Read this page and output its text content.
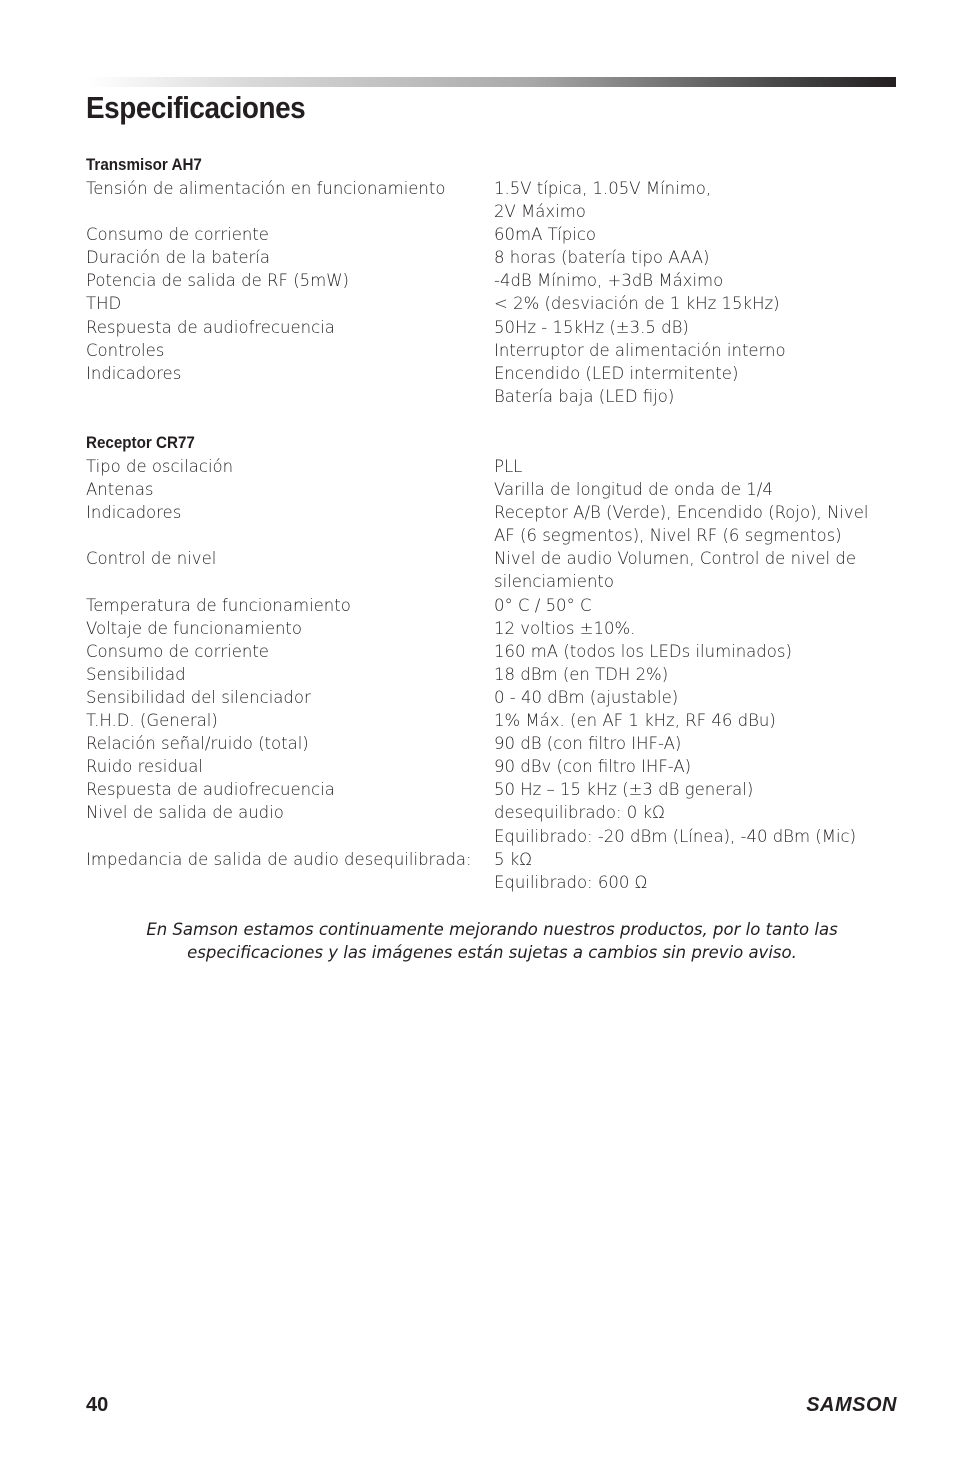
Especificaciones
Transmisor AH7
Tensión de alimentación en funcionamiento	1.5V típica, 1.05V Mínimo,
2V Máximo
Consumo de corriente	60mA Típico
Duración de la batería	8 horas (batería tipo AAA)
Potencia de salida de RF (5mW)	-4dB Mínimo, +3dB Máximo
THD	< 2% (desviación de 1 kHz 15kHz)
Respuesta de audiofrecuencia	50Hz - 15kHz (±3.5 dB)
Controles	Interruptor de alimentación interno
Indicadores	Encendido (LED intermitente)
Batería baja (LED fijo)
Receptor CR77
Tipo de oscilación	PLL
Antenas	Varilla de longitud de onda de 1/4
Indicadores	Receptor A/B (Verde), Encendido (Rojo), Nivel
AF (6 segmentos), Nivel RF (6 segmentos)
Control de nivel	Nivel de audio Volumen, Control de nivel de
silenciamiento
Temperatura de funcionamiento	0° C / 50° C
Voltaje de funcionamiento	12 voltios ±10%.
Consumo de corriente	160 mA (todos los LEDs iluminados)
Sensibilidad	18 dBm (en TDH 2%)
Sensibilidad del silenciador	0 - 40 dBm (ajustable)
T.H.D. (General)	1% Máx. (en AF 1 kHz, RF 46 dBu)
Relación señal/ruido (total)	90 dB (con filtro IHF-A)
Ruido residual	90 dBv (con filtro IHF-A)
Respuesta de audiofrecuencia	50 Hz – 15 kHz (±3 dB general)
Nivel de salida de audio	desequilibrado: 0 kΩ
Equilibrado: -20 dBm (Línea), -40 dBm (Mic)
Impedancia de salida de audio desequilibrada:	5 kΩ
Equilibrado: 600 Ω
En Samson estamos continuamente mejorando nuestros productos, por lo tanto las
especificaciones y las imágenes están sujetas a cambios sin previo aviso.
40	SAMSON
